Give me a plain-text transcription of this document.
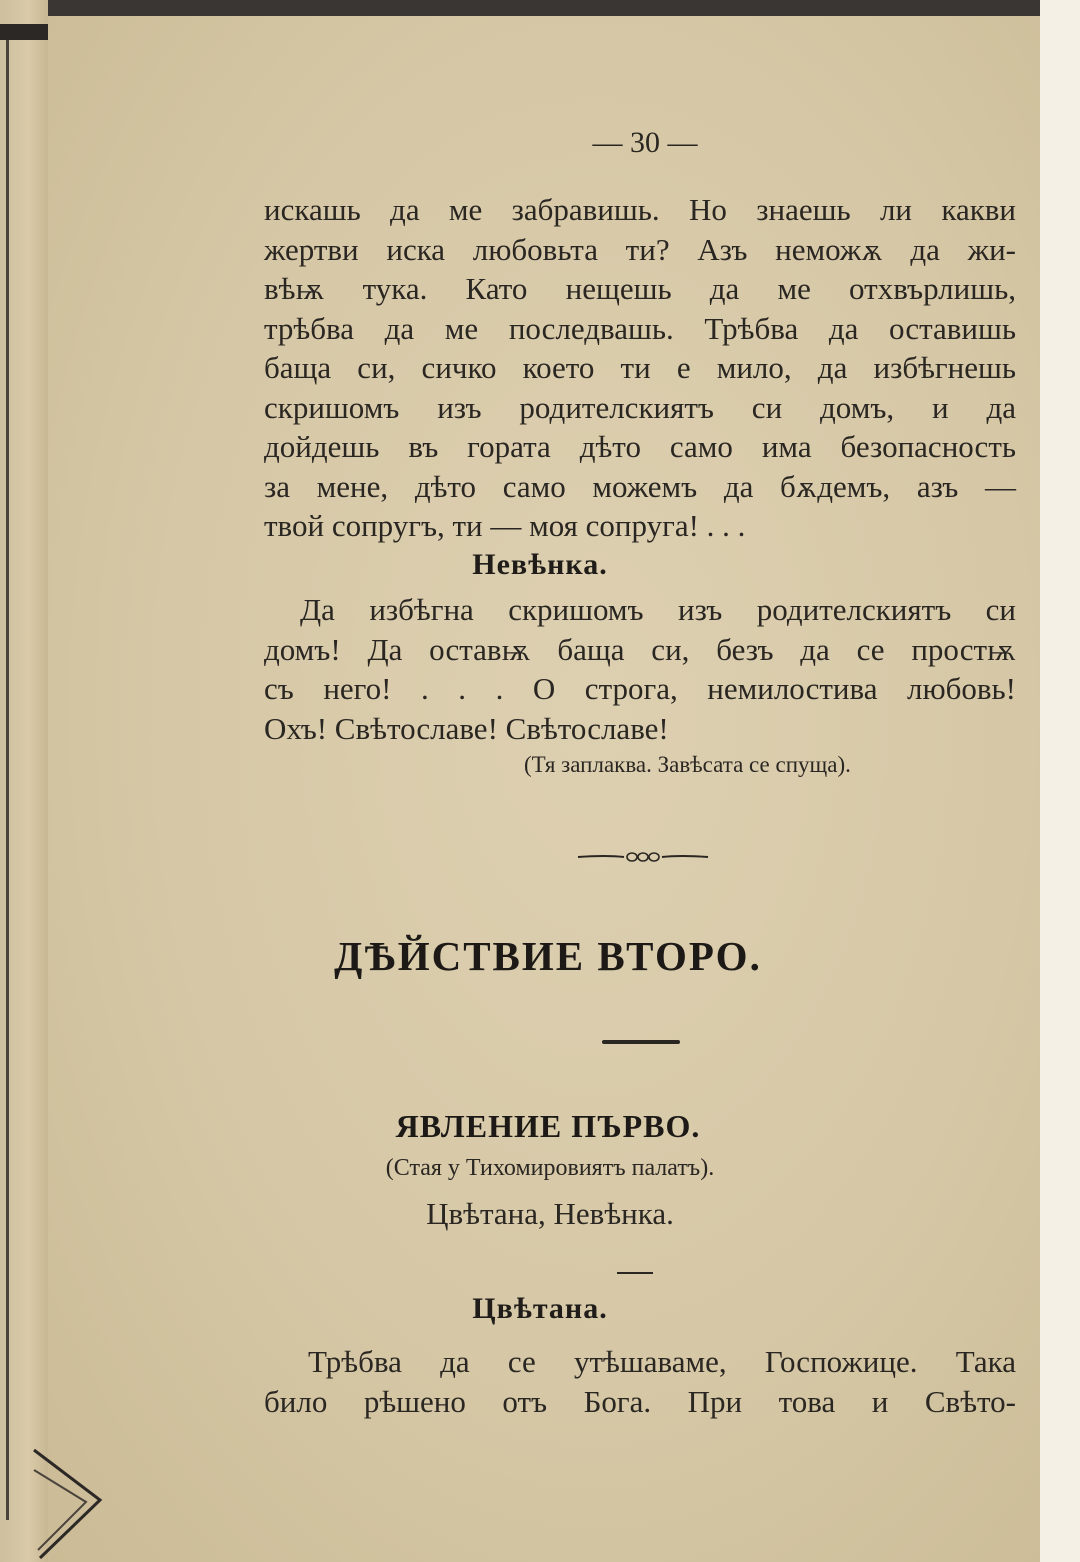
— 30 —
искашь да ме забравишь. Но знаешь ли какви
жертви иска любовьта ти? Азъ неможѫ да жи-
вѣѭ тука. Като нещешь да ме отхвърлишь,
трѣбва да ме последвашь. Трѣбва да оставишь
баща си, сичко което ти е мило, да избѣгнешь
скришомъ изъ родителскиятъ си домъ, и да
дойдешь въ гората дѣто само има безопасность
за мене, дѣто само можемъ да бѫдемъ, азъ —
твой сопругъ, ти — моя сопруга! . . .
Невѣнка.
Да избѣгна скришомъ изъ родителскиятъ си
домъ! Да оставѭ баща си, безъ да се простѭ
съ него! . . . О строга, немилостива любовь!
Охъ! Свѣтославе! Свѣтославе!
(Тя заплаква. Завѣсата се спуща).
ДѢЙСТВИЕ ВТОРО.
ЯВЛЕНИЕ ПЪРВО.
(Стая у Тихомировиятъ палатъ).
Цвѣтана, Невѣнка.
Цвѣтана.
Трѣбва да се утѣшаваме, Госпожице. Така
било рѣшено отъ Бога. При това и Свѣто-
